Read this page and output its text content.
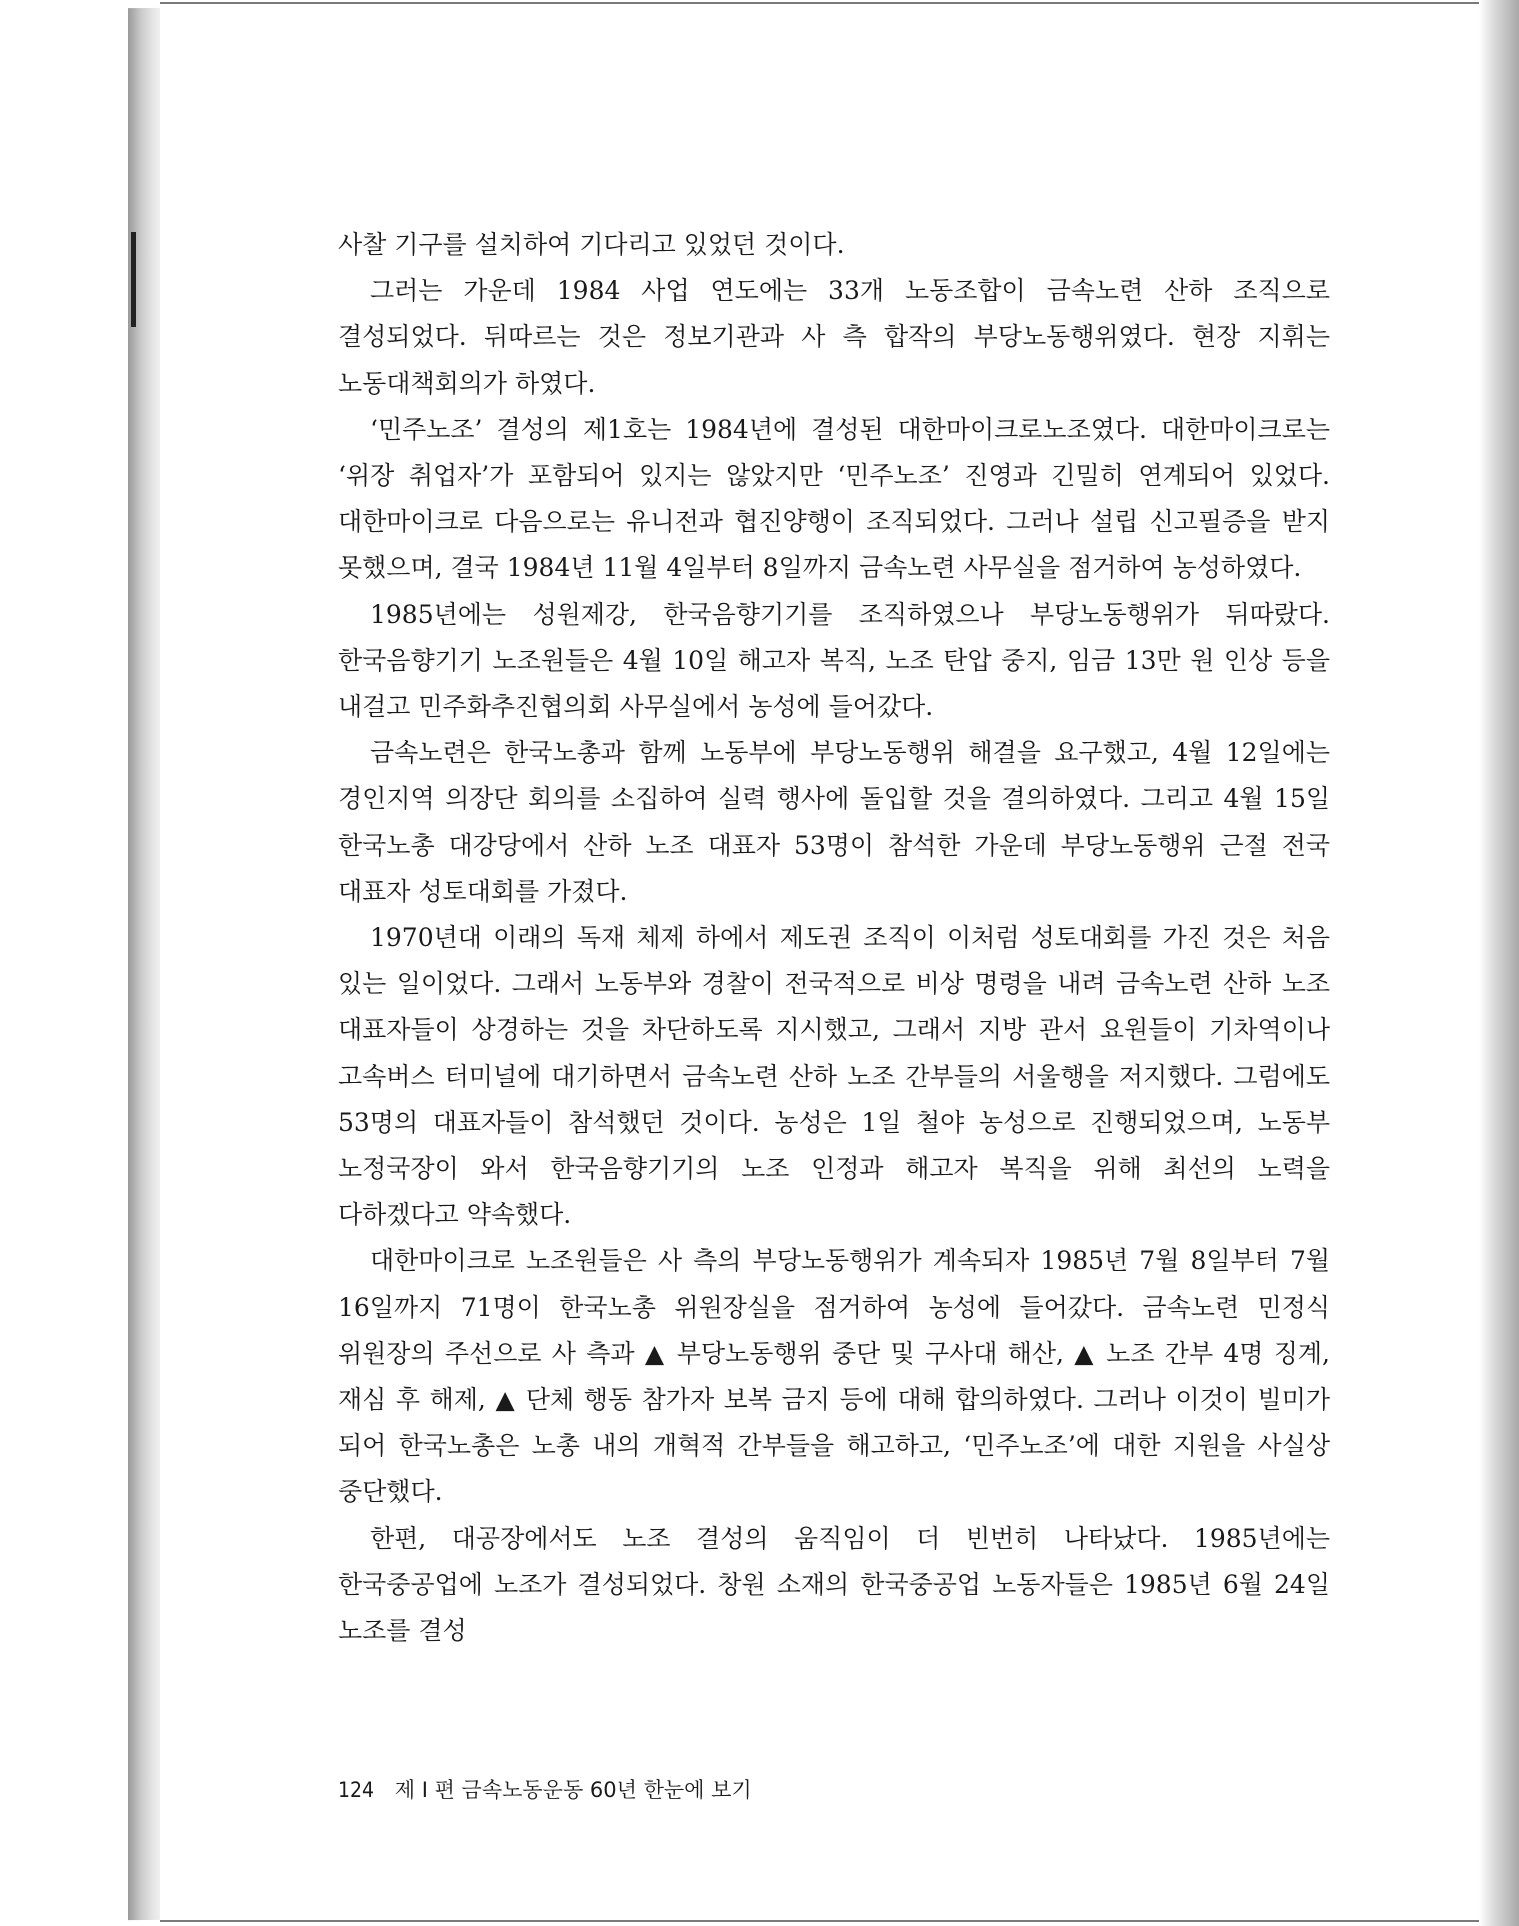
사찰 기구를 설치하여 기다리고 있었던 것이다.

그러는 가운데 1984 사업 연도에는 33개 노동조합이 금속노련 산하 조직으로 결성되었다. 뒤따르는 것은 정보기관과 사 측 합작의 부당노동행위였다. 현장 지휘는 노동대책회의가 하였다.

‘민주노조’ 결성의 제1호는 1984년에 결성된 대한마이크로노조였다. 대한마이크로는 ‘위장 취업자’가 포함되어 있지는 않았지만 ‘민주노조’ 진영과 긴밀히 연계되어 있었다. 대한마이크로 다음으로는 유니전과 협진양행이 조직되었다. 그러나 설립 신고필증을 받지 못했으며, 결국 1984년 11월 4일부터 8일까지 금속노련 사무실을 점거하여 농성하였다.

1985년에는 성원제강, 한국음향기기를 조직하였으나 부당노동행위가 뒤따랐다. 한국음향기기 노조원들은 4월 10일 해고자 복직, 노조 탄압 중지, 임금 13만 원 인상 등을 내걸고 민주화추진협의회 사무실에서 농성에 들어갔다.

금속노련은 한국노총과 함께 노동부에 부당노동행위 해결을 요구했고, 4월 12일에는 경인지역 의장단 회의를 소집하여 실력 행사에 돌입할 것을 결의하였다. 그리고 4월 15일 한국노총 대강당에서 산하 노조 대표자 53명이 참석한 가운데 부당노동행위 근절 전국 대표자 성토대회를 가졌다.

1970년대 이래의 독재 체제 하에서 제도권 조직이 이처럼 성토대회를 가진 것은 처음 있는 일이었다. 그래서 노동부와 경찰이 전국적으로 비상 명령을 내려 금속노련 산하 노조 대표자들이 상경하는 것을 차단하도록 지시했고, 그래서 지방 관서 요원들이 기차역이나 고속버스 터미널에 대기하면서 금속노련 산하 노조 간부들의 서울행을 저지했다. 그럼에도 53명의 대표자들이 참석했던 것이다. 농성은 1일 철야 농성으로 진행되었으며, 노동부 노정국장이 와서 한국음향기기의 노조 인정과 해고자 복직을 위해 최선의 노력을 다하겠다고 약속했다.

대한마이크로 노조원들은 사 측의 부당노동행위가 계속되자 1985년 7월 8일부터 7월 16일까지 71명이 한국노총 위원장실을 점거하여 농성에 들어갔다. 금속노련 민정식 위원장의 주선으로 사 측과 ▲ 부당노동행위 중단 및 구사대 해산, ▲ 노조 간부 4명 징계, 재심 후 해제, ▲ 단체 행동 참가자 보복 금지 등에 대해 합의하였다. 그러나 이것이 빌미가 되어 한국노총은 노총 내의 개혁적 간부들을 해고하고, ‘민주노조’에 대한 지원을 사실상 중단했다.

한편, 대공장에서도 노조 결성의 움직임이 더 빈번히 나타났다. 1985년에는 한국중공업에 노조가 결성되었다. 창원 소재의 한국중공업 노동자들은 1985년 6월 24일 노조를 결성

124 제 I 편 금속노동운동 60년 한눈에 보기
